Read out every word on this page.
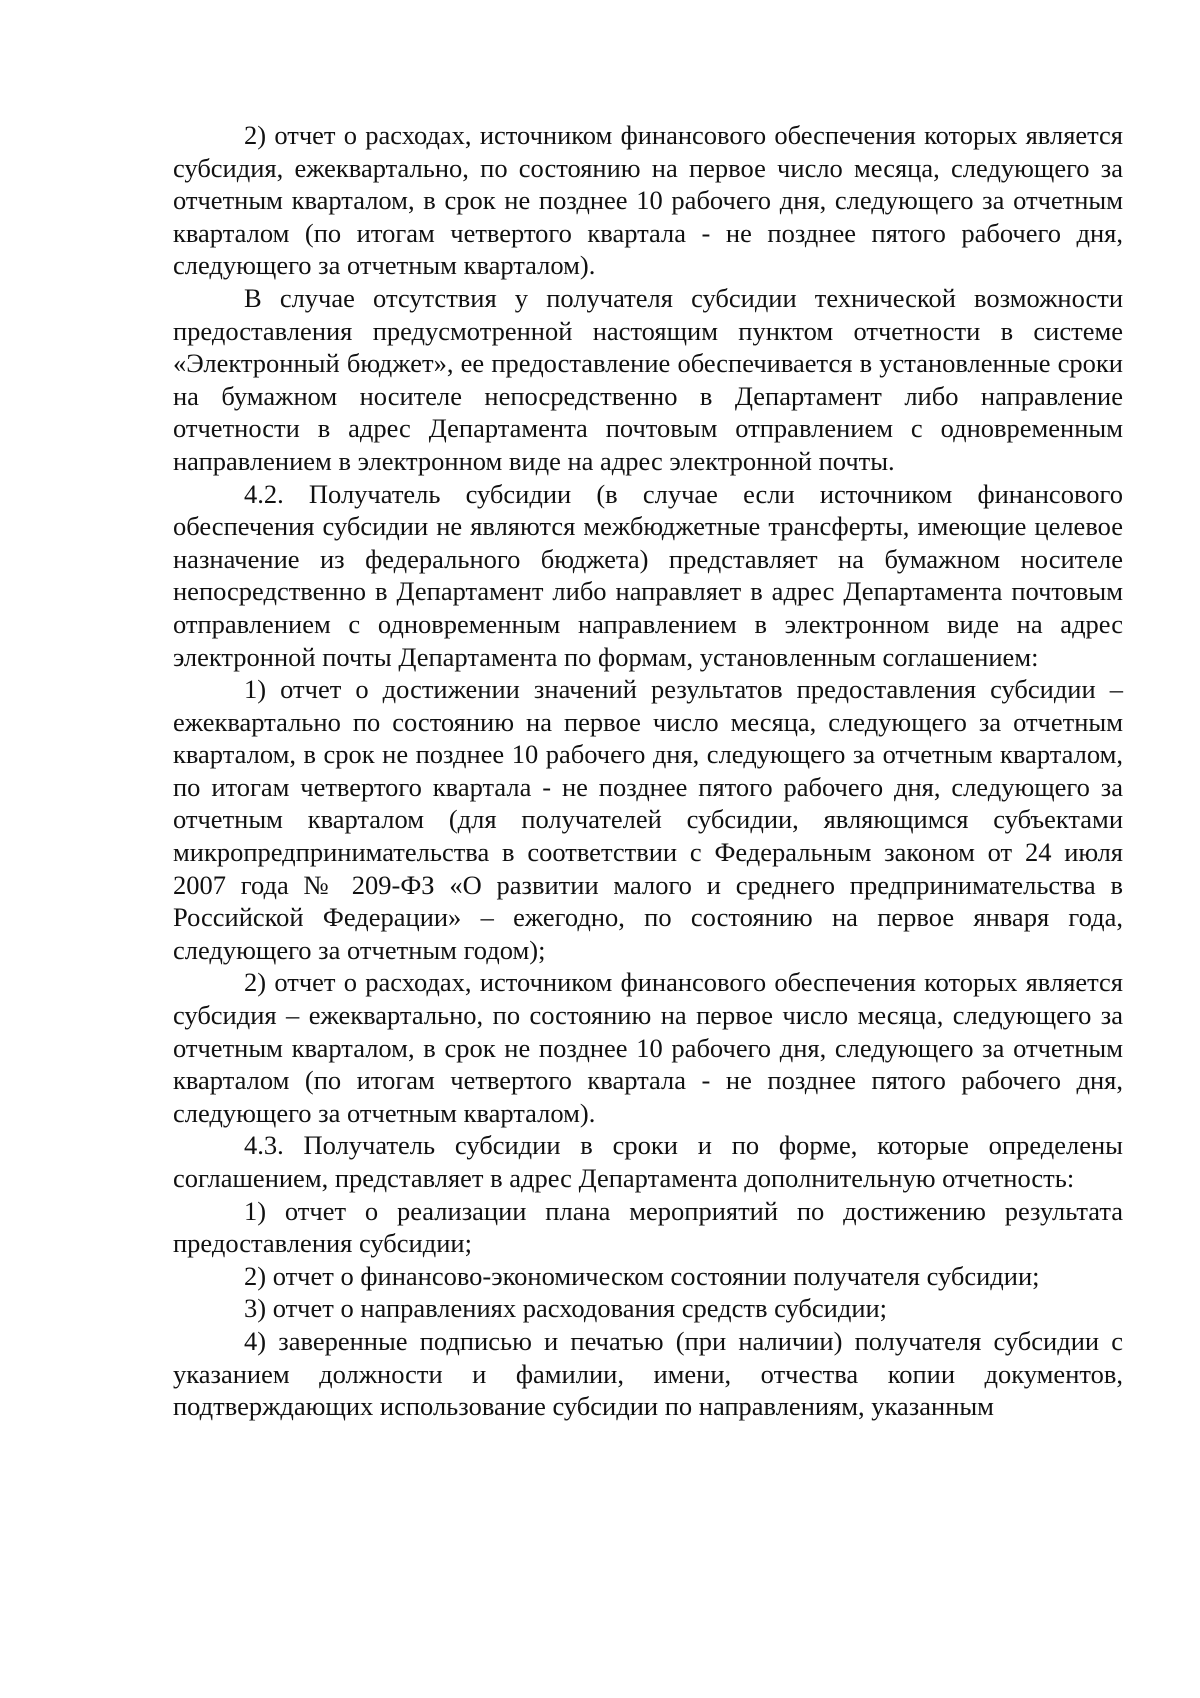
2) отчет о расходах, источником финансового обеспечения которых является субсидия, ежеквартально, по состоянию на первое число месяца, следующего за отчетным кварталом, в срок не позднее 10 рабочего дня, следующего за отчетным кварталом (по итогам четвертого квартала - не позднее пятого рабочего дня, следующего за отчетным кварталом).

В случае отсутствия у получателя субсидии технической возможности предоставления предусмотренной настоящим пунктом отчетности в системе «Электронный бюджет», ее предоставление обеспечивается в установленные сроки на бумажном носителе непосредственно в Департамент либо направление отчетности в адрес Департамента почтовым отправлением с одновременным направлением в электронном виде на адрес электронной почты.

4.2. Получатель субсидии (в случае если источником финансового обеспечения субсидии не являются межбюджетные трансферты, имеющие целевое назначение из федерального бюджета) представляет на бумажном носителе непосредственно в Департамент либо направляет в адрес Департамента почтовым отправлением с одновременным направлением в электронном виде на адрес электронной почты Департамента по формам, установленным соглашением:

1) отчет о достижении значений результатов предоставления субсидии – ежеквартально по состоянию на первое число месяца, следующего за отчетным кварталом, в срок не позднее 10 рабочего дня, следующего за отчетным кварталом, по итогам четвертого квартала - не позднее пятого рабочего дня, следующего за отчетным кварталом (для получателей субсидии, являющимся субъектами микропредпринимательства в соответствии с Федеральным законом от 24 июля 2007 года № 209-ФЗ «О развитии малого и среднего предпринимательства в Российской Федерации» – ежегодно, по состоянию на первое января года, следующего за отчетным годом);

2) отчет о расходах, источником финансового обеспечения которых является субсидия – ежеквартально, по состоянию на первое число месяца, следующего за отчетным кварталом, в срок не позднее 10 рабочего дня, следующего за отчетным кварталом (по итогам четвертого квартала - не позднее пятого рабочего дня, следующего за отчетным кварталом).

4.3. Получатель субсидии в сроки и по форме, которые определены соглашением, представляет в адрес Департамента дополнительную отчетность:

1) отчет о реализации плана мероприятий по достижению результата предоставления субсидии;

2) отчет о финансово-экономическом состоянии получателя субсидии;

3) отчет о направлениях расходования средств субсидии;

4) заверенные подписью и печатью (при наличии) получателя субсидии с указанием должности и фамилии, имени, отчества копии документов, подтверждающих использование субсидии по направлениям, указанным
